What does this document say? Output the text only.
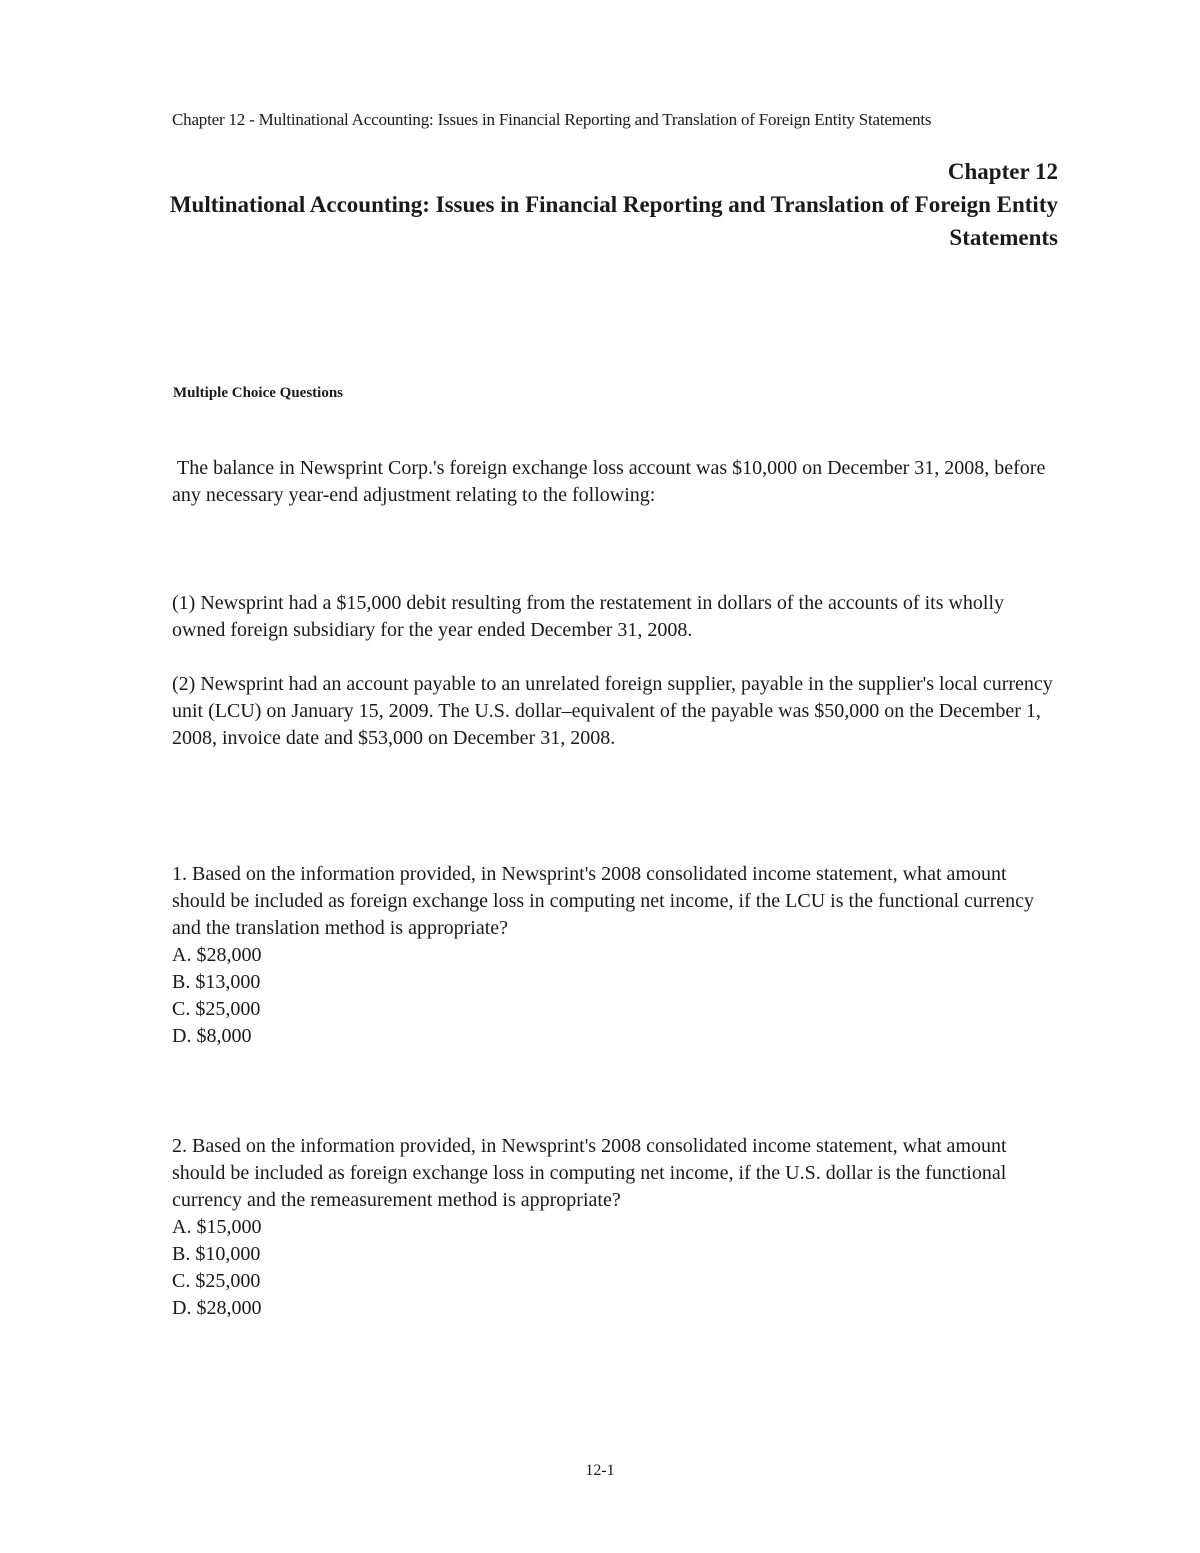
Chapter 12 - Multinational Accounting: Issues in Financial Reporting and Translation of Foreign Entity Statements
Chapter 12
Multinational Accounting: Issues in Financial Reporting and Translation of Foreign Entity Statements
Multiple Choice Questions

The balance in Newsprint Corp.'s foreign exchange loss account was $10,000 on December 31, 2008, before any necessary year-end adjustment relating to the following:

(1) Newsprint had a $15,000 debit resulting from the restatement in dollars of the accounts of its wholly owned foreign subsidiary for the year ended December 31, 2008.

(2) Newsprint had an account payable to an unrelated foreign supplier, payable in the supplier's local currency unit (LCU) on January 15, 2009. The U.S. dollar–equivalent of the payable was $50,000 on the December 1, 2008, invoice date and $53,000 on December 31, 2008.

1. Based on the information provided, in Newsprint's 2008 consolidated income statement, what amount should be included as foreign exchange loss in computing net income, if the LCU is the functional currency and the translation method is appropriate?
A. $28,000
B. $13,000
C. $25,000
D. $8,000
2. Based on the information provided, in Newsprint's 2008 consolidated income statement, what amount should be included as foreign exchange loss in computing net income, if the U.S. dollar is the functional currency and the remeasurement method is appropriate?
A. $15,000
B. $10,000
C. $25,000
D. $28,000
12-1
